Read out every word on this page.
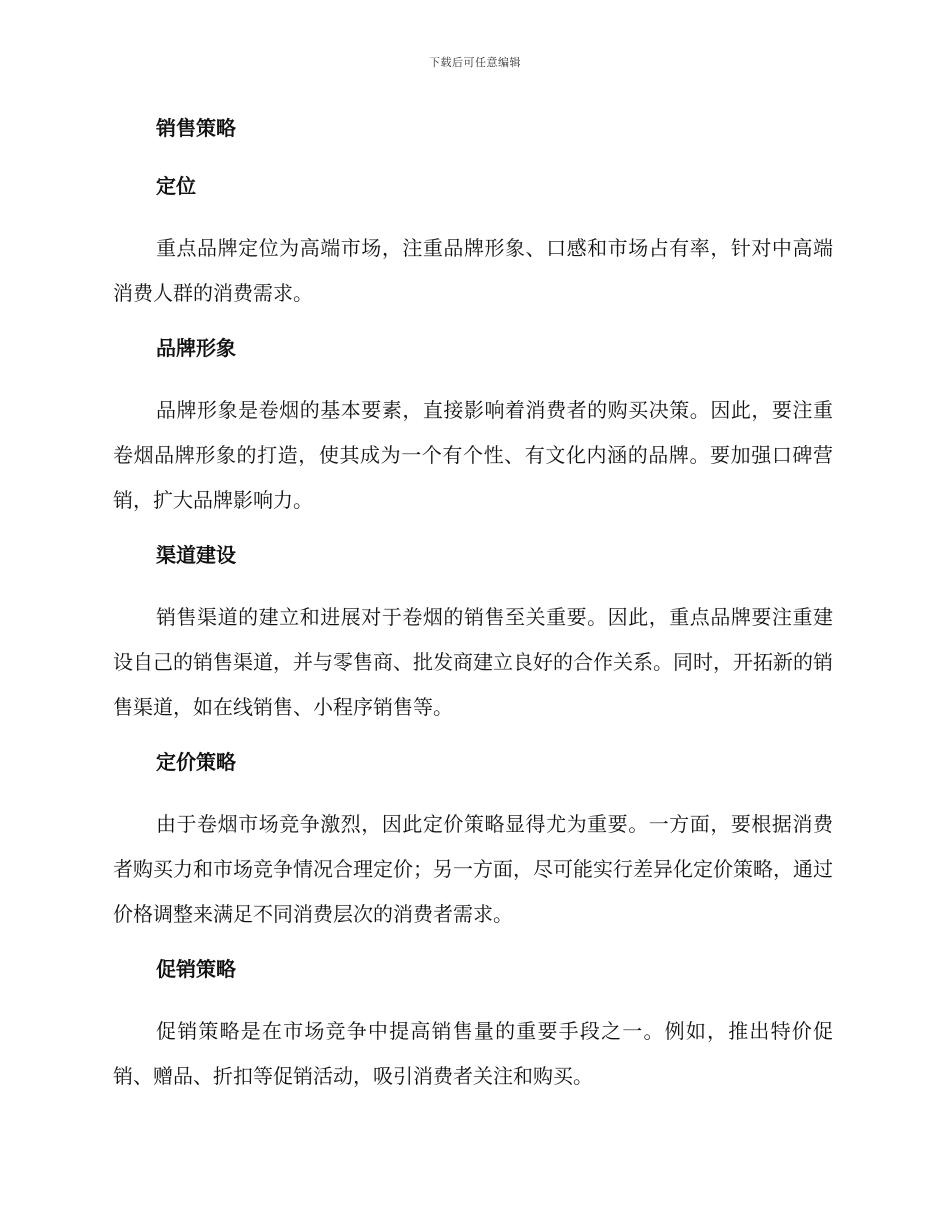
下载后可任意编辑
销售策略
定位

重点品牌定位为高端市场，注重品牌形象、口感和市场占有率，针对中高端消费人群的消费需求。

品牌形象

品牌形象是卷烟的基本要素，直接影响着消费者的购买决策。因此，要注重卷烟品牌形象的打造，使其成为一个有个性、有文化内涵的品牌。要加强口碑营销，扩大品牌影响力。

渠道建设

销售渠道的建立和进展对于卷烟的销售至关重要。因此，重点品牌要注重建设自己的销售渠道，并与零售商、批发商建立良好的合作关系。同时，开拓新的销售渠道，如在线销售、小程序销售等。

定价策略

由于卷烟市场竞争激烈，因此定价策略显得尤为重要。一方面，要根据消费者购买力和市场竞争情况合理定价；另一方面，尽可能实行差异化定价策略，通过价格调整来满足不同消费层次的消费者需求。

促销策略

促销策略是在市场竞争中提高销售量的重要手段之一。例如，推出特价促销、赠品、折扣等促销活动，吸引消费者关注和购买。
